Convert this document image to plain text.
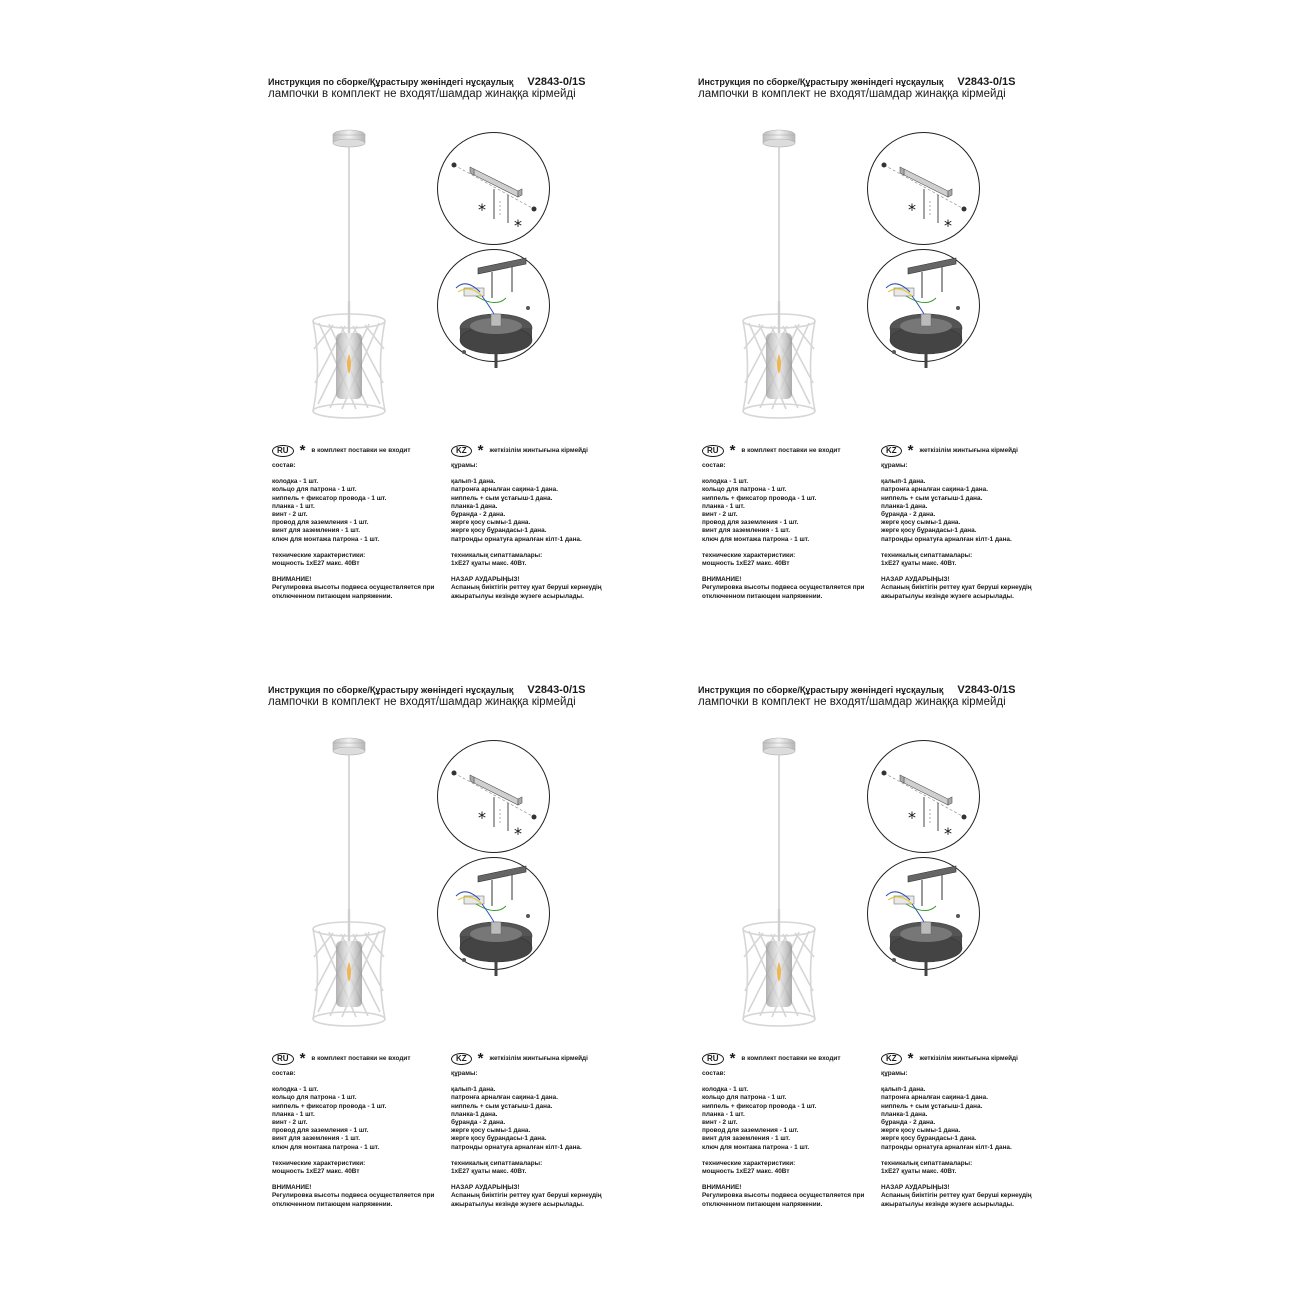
Инструкция по сборке/Құрастыру жөніндегі нұсқаулық V2843-0/1S
лампочки в комплект не входят/шамдар жинаққа кірмейді
*
*
RU * в комплект поставки не входит
состав:
колодка - 1 шт.
кольцо для патрона - 1 шт.
ниппель + фиксатор провода - 1 шт.
планка - 1 шт.
винт - 2 шт.
провод для заземления - 1 шт.
винт для заземления - 1 шт.
ключ для монтажа патрона - 1 шт.
технические характеристики:
мощность 1xE27 макс. 40Вт
ВНИМАНИЕ!
Регулировка высоты подвеса осуществляется при отключенном питающем напряжении.
KZ * жеткізілім жинтығына кірмейді
құрамы:
қалып-1 дана.
патронға арналған сақина-1 дана.
ниппель + сым ұстағыш-1 дана.
планка-1 дана.
бұранда - 2 дана.
жерге қосу сымы-1 дана.
жерге қосу бұрандасы-1 дана.
патронды орнатуға арналған кілт-1 дана.
техникалық сипаттамалары:
1xE27 қуаты макс. 40Вт.
НАЗАР АУДАРЫҢЫЗ!
Аспаның биіктігін реттеу қуат беруші кернеудің ажыратылуы кезінде жүзеге асырылады.
Инструкция по сборке/Құрастыру жөніндегі нұсқаулық V2843-0/1S
лампочки в комплект не входят/шамдар жинаққа кірмейді
*
*
RU * в комплект поставки не входит
состав:
колодка - 1 шт.
кольцо для патрона - 1 шт.
ниппель + фиксатор провода - 1 шт.
планка - 1 шт.
винт - 2 шт.
провод для заземления - 1 шт.
винт для заземления - 1 шт.
ключ для монтажа патрона - 1 шт.
технические характеристики:
мощность 1xE27 макс. 40Вт
ВНИМАНИЕ!
Регулировка высоты подвеса осуществляется при отключенном питающем напряжении.
KZ * жеткізілім жинтығына кірмейді
құрамы:
қалып-1 дана.
патронға арналған сақина-1 дана.
ниппель + сым ұстағыш-1 дана.
планка-1 дана.
бұранда - 2 дана.
жерге қосу сымы-1 дана.
жерге қосу бұрандасы-1 дана.
патронды орнатуға арналған кілт-1 дана.
техникалық сипаттамалары:
1xE27 қуаты макс. 40Вт.
НАЗАР АУДАРЫҢЫЗ!
Аспаның биіктігін реттеу қуат беруші кернеудің ажыратылуы кезінде жүзеге асырылады.
Инструкция по сборке/Құрастыру жөніндегі нұсқаулық V2843-0/1S
лампочки в комплект не входят/шамдар жинаққа кірмейді
*
*
RU * в комплект поставки не входит
состав:
колодка - 1 шт.
кольцо для патрона - 1 шт.
ниппель + фиксатор провода - 1 шт.
планка - 1 шт.
винт - 2 шт.
провод для заземления - 1 шт.
винт для заземления - 1 шт.
ключ для монтажа патрона - 1 шт.
технические характеристики:
мощность 1xE27 макс. 40Вт
ВНИМАНИЕ!
Регулировка высоты подвеса осуществляется при отключенном питающем напряжении.
KZ * жеткізілім жинтығына кірмейді
құрамы:
қалып-1 дана.
патронға арналған сақина-1 дана.
ниппель + сым ұстағыш-1 дана.
планка-1 дана.
бұранда - 2 дана.
жерге қосу сымы-1 дана.
жерге қосу бұрандасы-1 дана.
патронды орнатуға арналған кілт-1 дана.
техникалық сипаттамалары:
1xE27 қуаты макс. 40Вт.
НАЗАР АУДАРЫҢЫЗ!
Аспаның биіктігін реттеу қуат беруші кернеудің ажыратылуы кезінде жүзеге асырылады.
Инструкция по сборке/Құрастыру жөніндегі нұсқаулық V2843-0/1S
лампочки в комплект не входят/шамдар жинаққа кірмейді
*
*
RU * в комплект поставки не входит
состав:
колодка - 1 шт.
кольцо для патрона - 1 шт.
ниппель + фиксатор провода - 1 шт.
планка - 1 шт.
винт - 2 шт.
провод для заземления - 1 шт.
винт для заземления - 1 шт.
ключ для монтажа патрона - 1 шт.
технические характеристики:
мощность 1xE27 макс. 40Вт
ВНИМАНИЕ!
Регулировка высоты подвеса осуществляется при отключенном питающем напряжении.
KZ * жеткізілім жинтығына кірмейді
құрамы:
қалып-1 дана.
патронға арналған сақина-1 дана.
ниппель + сым ұстағыш-1 дана.
планка-1 дана.
бұранда - 2 дана.
жерге қосу сымы-1 дана.
жерге қосу бұрандасы-1 дана.
патронды орнатуға арналған кілт-1 дана.
техникалық сипаттамалары:
1xE27 қуаты макс. 40Вт.
НАЗАР АУДАРЫҢЫЗ!
Аспаның биіктігін реттеу қуат беруші кернеудің ажыратылуы кезінде жүзеге асырылады.
